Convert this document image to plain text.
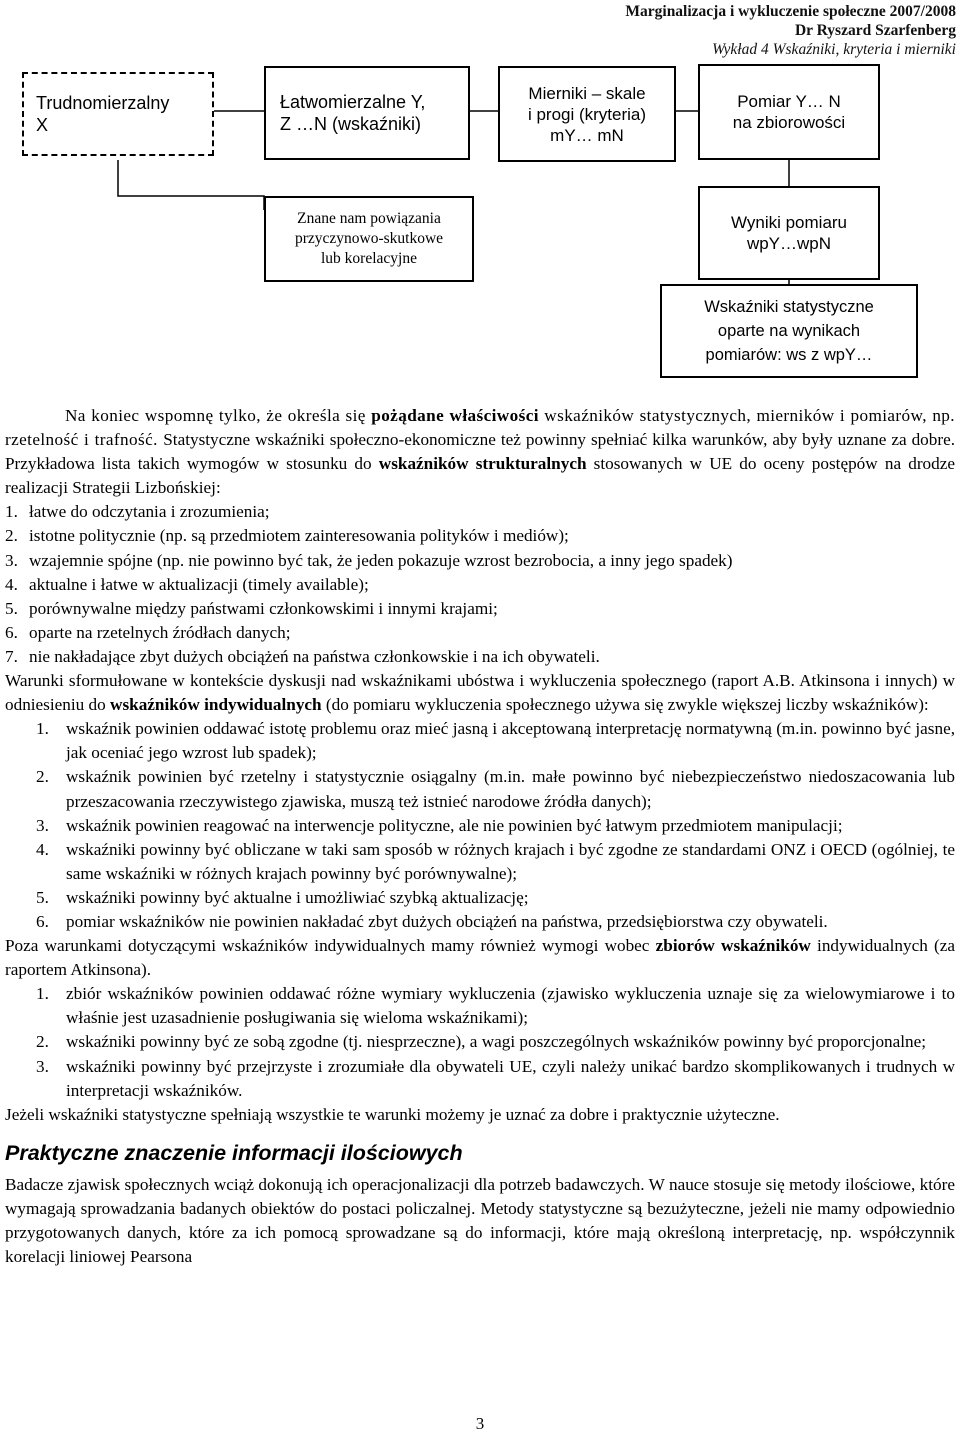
Marginalizacja i wykluczenie społeczne 2007/2008
Dr Ryszard Szarfenberg
Wykład 4 Wskaźniki, kryteria i mierniki
Trudnomierzalny
X
Łatwomierzalne Y,
Z …N (wskaźniki)
Mierniki – skale
i progi (kryteria)
mY… mN
Pomiar Y… N
na zbiorowości
Znane nam powiązania
przyczynowo-skutkowe
lub korelacyjne
Wyniki pomiaru
wpY…wpN
Wskaźniki statystyczne
oparte na wynikach
pomiarów: ws z wpY…

Na koniec wspomnę tylko, że określa się pożądane właściwości wskaźników statystycznych, mierników i pomiarów, np. rzetelność i trafność. Statystyczne wskaźniki społeczno-ekonomiczne też powinny spełniać kilka warunków, aby były uznane za dobre. Przykładowa lista takich wymogów w stosunku do wskaźników strukturalnych stosowanych w UE do oceny postępów na drodze realizacji Strategii Lizbońskiej:

1. łatwe do odczytania i zrozumienia;
2. istotne politycznie (np. są przedmiotem zainteresowania polityków i mediów);
3. wzajemnie spójne (np. nie powinno być tak, że jeden pokazuje wzrost bezrobocia, a inny jego spadek)
4. aktualne i łatwe w aktualizacji (timely available);
5. porównywalne między państwami członkowskimi i innymi krajami;
6. oparte na rzetelnych źródłach danych;
7. nie nakładające zbyt dużych obciążeń na państwa członkowskie i na ich obywateli.

Warunki sformułowane w kontekście dyskusji nad wskaźnikami ubóstwa i wykluczenia społecznego (raport A.B. Atkinsona i innych) w odniesieniu do wskaźników indywidualnych (do pomiaru wykluczenia społecznego używa się zwykle większej liczby wskaźników):

1. wskaźnik powinien oddawać istotę problemu oraz mieć jasną i akceptowaną interpretację normatywną (m.in. powinno być jasne, jak oceniać jego wzrost lub spadek);
2. wskaźnik powinien być rzetelny i statystycznie osiągalny (m.in. małe powinno być niebezpieczeństwo niedoszacowania lub przeszacowania rzeczywistego zjawiska, muszą też istnieć narodowe źródła danych);
3. wskaźnik powinien reagować na interwencje polityczne, ale nie powinien być łatwym przedmiotem manipulacji;
4. wskaźniki powinny być obliczane w taki sam sposób w różnych krajach i być zgodne ze standardami ONZ i OECD (ogólniej, te same wskaźniki w różnych krajach powinny być porównywalne);
5. wskaźniki powinny być aktualne i umożliwiać szybką aktualizację;
6. pomiar wskaźników nie powinien nakładać zbyt dużych obciążeń na państwa, przedsiębiorstwa czy obywateli.

Poza warunkami dotyczącymi wskaźników indywidualnych mamy również wymogi wobec zbiorów wskaźników indywidualnych (za raportem Atkinsona).

1. zbiór wskaźników powinien oddawać różne wymiary wykluczenia (zjawisko wykluczenia uznaje się za wielowymiarowe i to właśnie jest uzasadnienie posługiwania się wieloma wskaźnikami);
2. wskaźniki powinny być ze sobą zgodne (tj. niesprzeczne), a wagi poszczególnych wskaźników powinny być proporcjonalne;
3. wskaźniki powinny być przejrzyste i zrozumiałe dla obywateli UE, czyli należy unikać bardzo skomplikowanych i trudnych w interpretacji wskaźników.

Jeżeli wskaźniki statystyczne spełniają wszystkie te warunki możemy je uznać za dobre i praktycznie użyteczne.

Praktyczne znaczenie informacji ilościowych

Badacze zjawisk społecznych wciąż dokonują ich operacjonalizacji dla potrzeb badawczych. W nauce stosuje się metody ilościowe, które wymagają sprowadzania badanych obiektów do postaci policzalnej. Metody statystyczne są bezużyteczne, jeżeli nie mamy odpowiednio przygotowanych danych, które za ich pomocą sprowadzane są do informacji, które mają określoną interpretację, np. współczynnik korelacji liniowej Pearsona

3
